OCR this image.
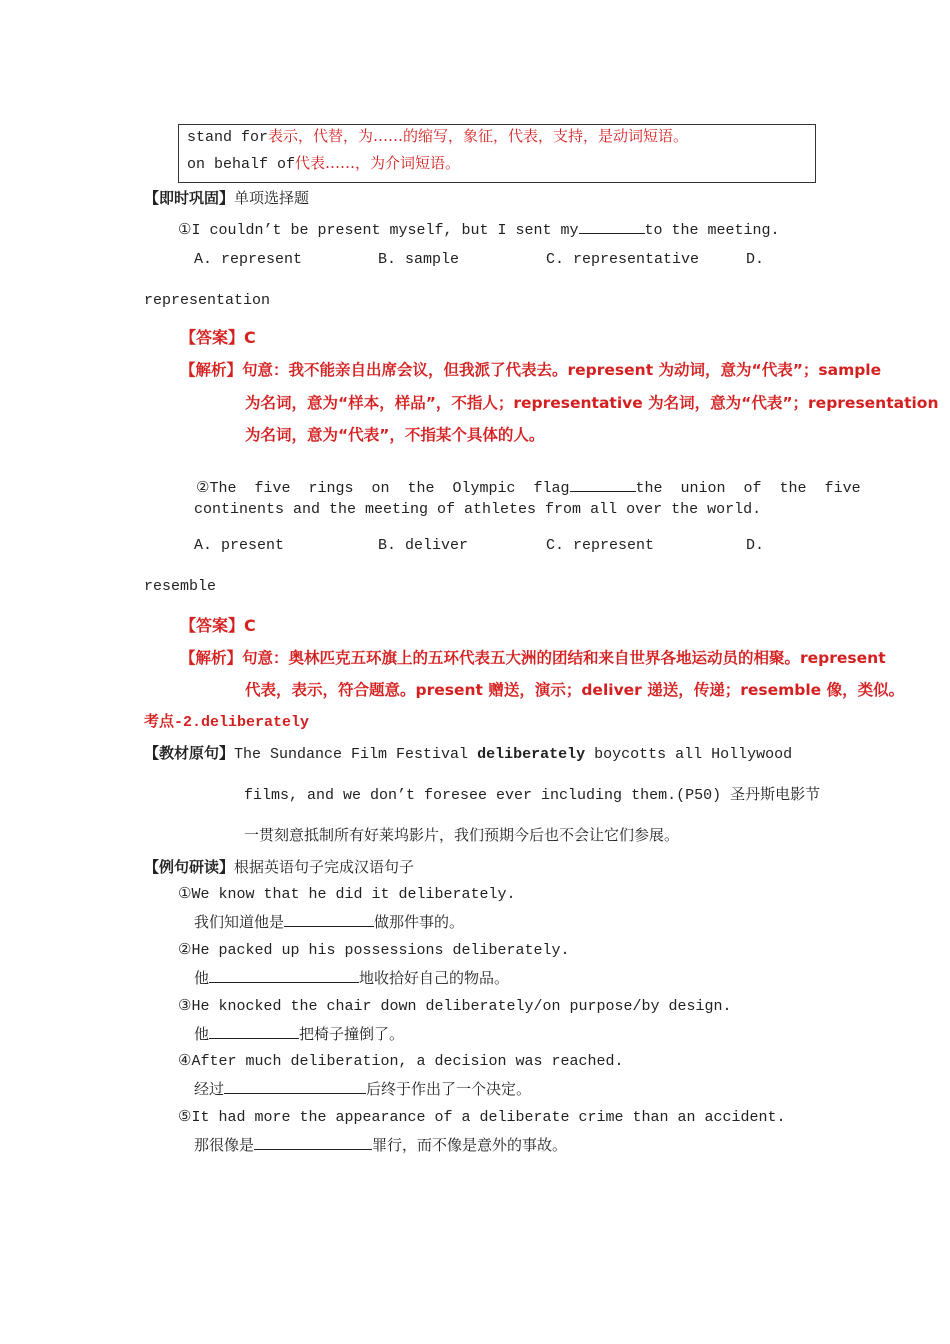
stand for表示，代替，为……的缩写，象征，代表，支持，是动词短语。
on behalf of代表……，为介词短语。
【即时巩固】单项选择题
①I couldn’t be present myself, but I sent my	to the meeting.
A. represent	B. sample	C. representative	D.
representation
【答案】C
【解析】句意：我不能亲自出席会议，但我派了代表去。represent 为动词，意为“代表”；sample
为名词，意为“样本，样品”，不指人；representative 为名词，意为“代表”；representation
为名词，意为“代表”，不指某个具体的人。

②The  five  rings  on  the  Olympic  flag	the  union  of  the  five

continents and the meeting of athletes from all over the world.
A. present	B. deliver	C. represent	D.
resemble
【答案】C
【解析】句意：奥林匹克五环旗上的五环代表五大洲的团结和来自世界各地运动员的相聚。represent
代表，表示，符合题意。present 赠送，演示；deliver 递送，传递；resemble 像，类似。
考点-2.deliberately
【教材原句】The Sundance Film Festival deliberately boycotts all Hollywood
films, and we don’t foresee ever including them.(P50) 圣丹斯电影节
一贯刻意抵制所有好莱坞影片，我们预期今后也不会让它们参展。
【例句研读】根据英语句子完成汉语句子
①We know that he did it deliberately.
我们知道他是	做那件事的。
②He packed up his possessions deliberately.
他	地收拾好自己的物品。
③He knocked the chair down deliberately/on purpose/by design.
他	把椅子撞倒了。
④After much deliberation, a decision was reached.
经过	后终于作出了一个决定。
⑤It had more the appearance of a deliberate crime than an accident.
那很像是	罪行，而不像是意外的事故。
